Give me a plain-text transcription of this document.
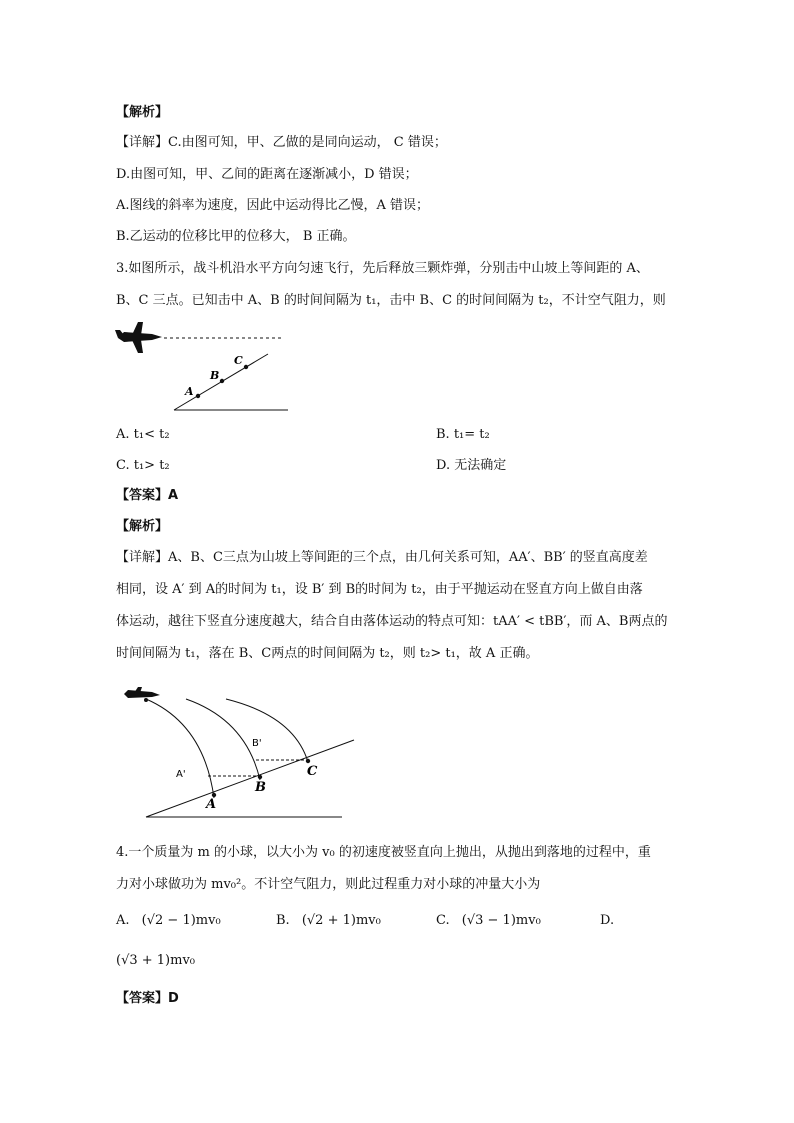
【解析】
【详解】C.由图可知，甲、乙做的是同向运动， C 错误；
D.由图可知，甲、乙间的距离在逐渐减小，D 错误；
A.图线的斜率为速度，因此中运动得比乙慢，A 错误；
B.乙运动的位移比甲的位移大， B 正确。
3.如图所示，战斗机沿水平方向匀速飞行，先后释放三颗炸弹，分别击中山坡上等间距的 A、
B、C 三点。已知击中 A、B 的时间间隔为 t₁，击中 B、C 的时间间隔为 t₂，不计空气阻力，则
A
B
C
A. t₁< t₂	B. t₁= t₂
C. t₁> t₂	D. 无法确定
【答案】A
【解析】
【详解】A、B、C三点为山坡上等间距的三个点，由几何关系可知，AA′、BB′ 的竖直高度差
相同，设 A′ 到 A的时间为 t₁，设 B′ 到 B的时间为 t₂，由于平抛运动在竖直方向上做自由落
体运动，越往下竖直分速度越大，结合自由落体运动的特点可知：tAA′ < tBB′，而 A、B两点的
时间间隔为 t₁，落在 B、C两点的时间间隔为 t₂，则 t₂> t₁，故 A 正确。
A
B
C
A'
B'
4.一个质量为 m 的小球，以大小为 v₀ 的初速度被竖直向上抛出，从抛出到落地的过程中，重
力对小球做功为 mv₀²。不计空气阻力，则此过程重力对小球的冲量大小为
A. (√2 − 1)mv₀	B. (√2 + 1)mv₀	C. (√3 − 1)mv₀	D.
(√3 + 1)mv₀
【答案】D
